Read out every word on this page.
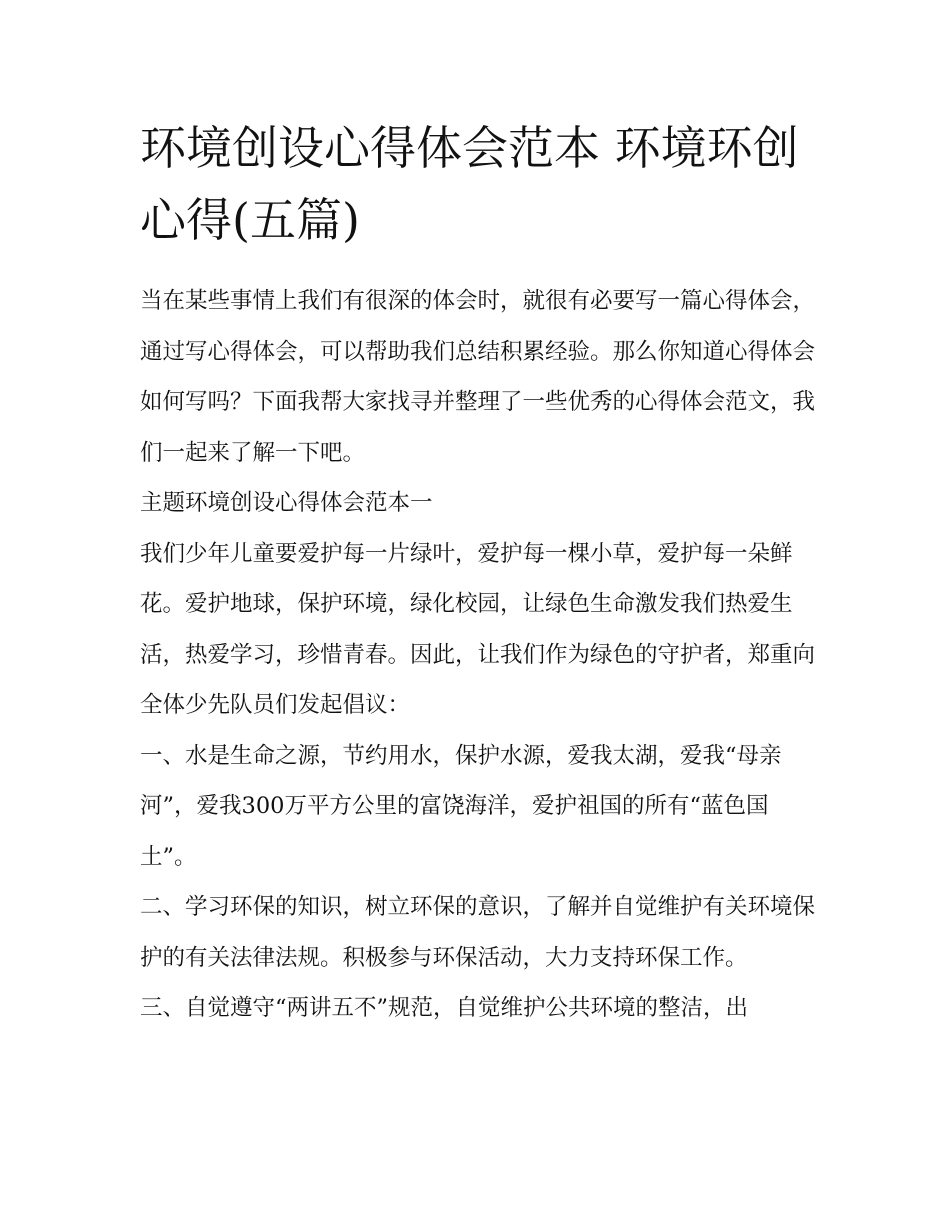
环境创设心得体会范本 环境环创心得(五篇)

当在某些事情上我们有很深的体会时，就很有必要写一篇心得体会，通过写心得体会，可以帮助我们总结积累经验。那么你知道心得体会如何写吗？下面我帮大家找寻并整理了一些优秀的心得体会范文，我们一起来了解一下吧。

主题环境创设心得体会范本一

我们少年儿童要爱护每一片绿叶，爱护每一棵小草，爱护每一朵鲜花。爱护地球，保护环境，绿化校园，让绿色生命激发我们热爱生活，热爱学习，珍惜青春。因此，让我们作为绿色的守护者，郑重向全体少先队员们发起倡议：

一、水是生命之源，节约用水，保护水源，爱我太湖，爱我“母亲河”，爱我300万平方公里的富饶海洋，爱护祖国的所有“蓝色国土”。

二、学习环保的知识，树立环保的意识，了解并自觉维护有关环境保护的有关法律法规。积极参与环保活动，大力支持环保工作。

三、自觉遵守“两讲五不”规范，自觉维护公共环境的整洁，出
